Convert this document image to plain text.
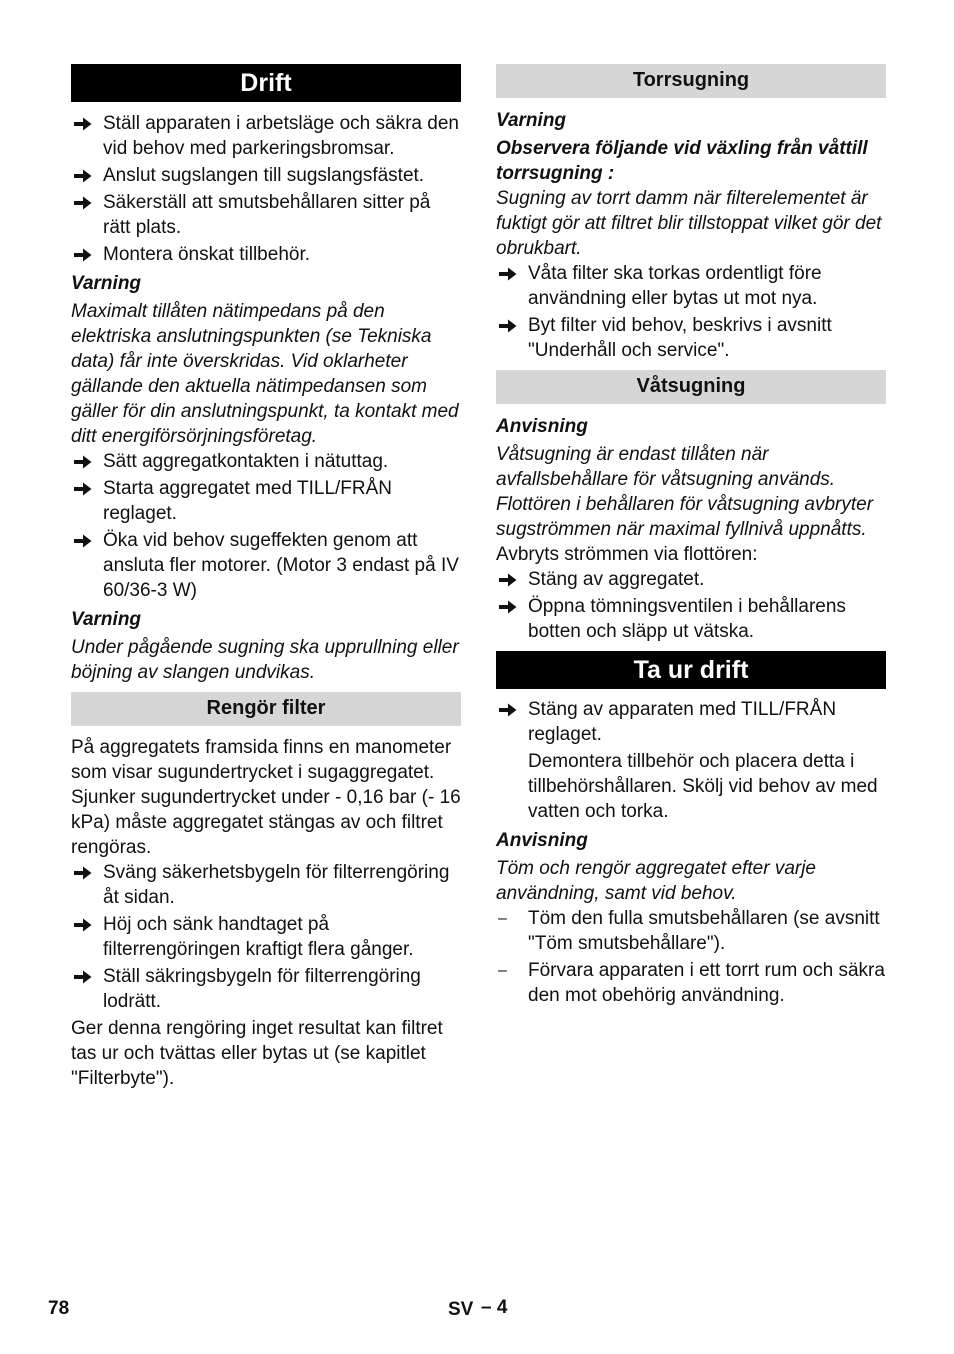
Drift
Ställ apparaten i arbetsläge och säkra den vid behov med parkeringsbromsar.
Anslut sugslangen till sugslangsfästet.
Säkerställ att smutsbehållaren sitter på rätt plats.
Montera önskat tillbehör.

Varning

Maximalt tillåten nätimpedans på den elektriska anslutningspunkten (se Tekniska data) får inte överskridas. Vid oklarheter gällande den aktuella nätimpedansen som gäller för din anslutningspunkt, ta kontakt med ditt energiförsörjningsföretag.

Sätt aggregatkontakten i nätuttag.
Starta aggregatet med TILL/FRÅN reglaget.
Öka vid behov sugeffekten genom att ansluta fler motorer. (Motor 3 endast på IV 60/36-3 W)

Varning

Under pågående sugning ska upprullning eller böjning av slangen undvikas.

Rengör filter

På aggregatets framsida finns en manometer som visar sugundertrycket i sugaggregatet. Sjunker sugundertrycket under - 0,16 bar (- 16 kPa) måste aggregatet stängas av och filtret rengöras.

Sväng säkerhetsbygeln för filterrengöring åt sidan.
Höj och sänk handtaget på filterrengöringen kraftigt flera gånger.
Ställ säkringsbygeln för filterrengöring lodrätt.

Ger denna rengöring inget resultat kan filtret tas ur och tvättas eller bytas ut (se kapitlet "Filterbyte").

Torrsugning

Varning

Observera följande vid växling från våttill torrsugning :

Sugning av torrt damm när filterelementet är fuktigt gör att filtret blir tillstoppat vilket gör det obrukbart.

Våta filter ska torkas ordentligt före användning eller bytas ut mot nya.
Byt filter vid behov, beskrivs i avsnitt "Underhåll och service".
Våtsugning

Anvisning

Våtsugning är endast tillåten när avfallsbehållare för våtsugning används.

Flottören i behållaren för våtsugning avbryter sugströmmen när maximal fyllnivå uppnåtts.

Avbryts strömmen via flottören:

Stäng av aggregatet.
Öppna tömningsventilen i behållarens botten och släpp ut vätska.
Ta ur drift
Stäng av apparaten med TILL/FRÅN reglaget.

Demontera tillbehör och placera detta i tillbehörshållaren. Skölj vid behov av med vatten och torka.

Anvisning

Töm och rengör aggregatet efter varje användning, samt vid behov.

– Töm den fulla smutsbehållaren (se avsnitt "Töm smutsbehållare").
– Förvara apparaten i ett torrt rum och säkra den mot obehörig användning.
78	SV – 4
